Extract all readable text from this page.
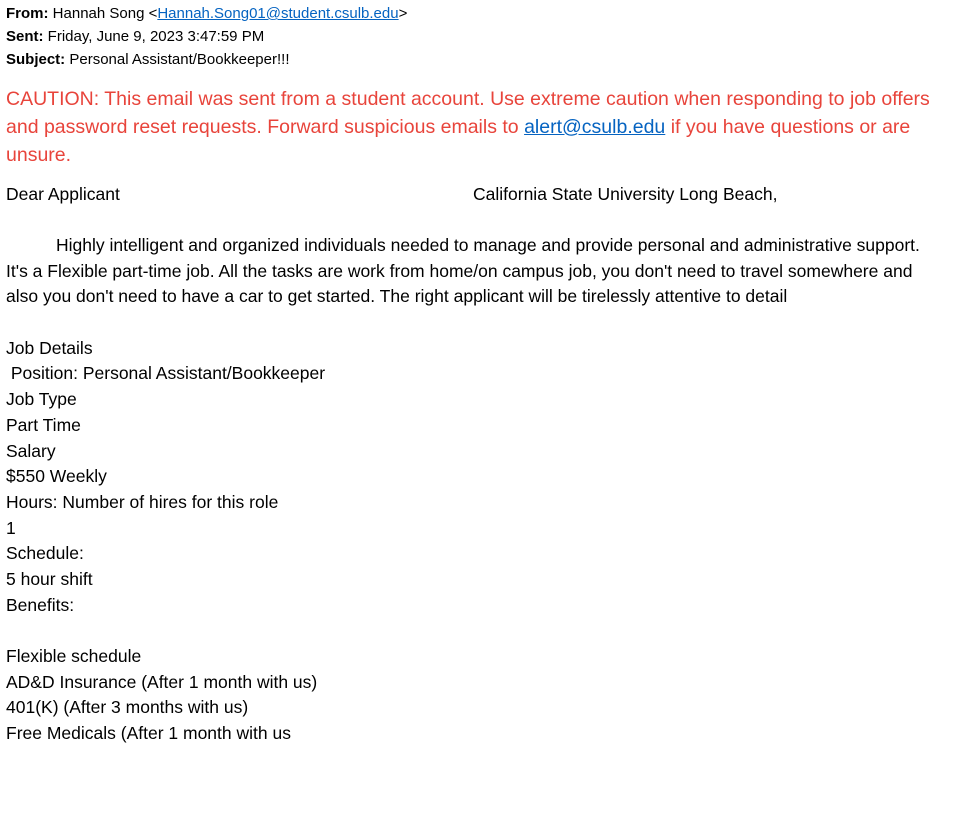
From: Hannah Song <Hannah.Song01@student.csulb.edu>
Sent: Friday, June 9, 2023 3:47:59 PM
Subject: Personal Assistant/Bookkeeper!!!
CAUTION: This email was sent from a student account. Use extreme caution when responding to job offers and password reset requests. Forward suspicious emails to alert@csulb.edu if you have questions or are unsure.
Dear Applicant	California State University Long Beach,
Highly intelligent and organized individuals needed to manage and provide personal and administrative support. It's a Flexible part-time job. All the tasks are work from home/on campus job, you don't need to travel somewhere and also you don't need to have a car to get started. The right applicant will be tirelessly attentive to detail
Job Details
Position: Personal Assistant/Bookkeeper
Job Type
Part Time
Salary
$550 Weekly
Hours: Number of hires for this role
1
Schedule:
5 hour shift
Benefits:
Flexible schedule
AD&D Insurance (After 1 month with us)
401(K) (After 3 months with us)
Free Medicals (After 1 month with us
